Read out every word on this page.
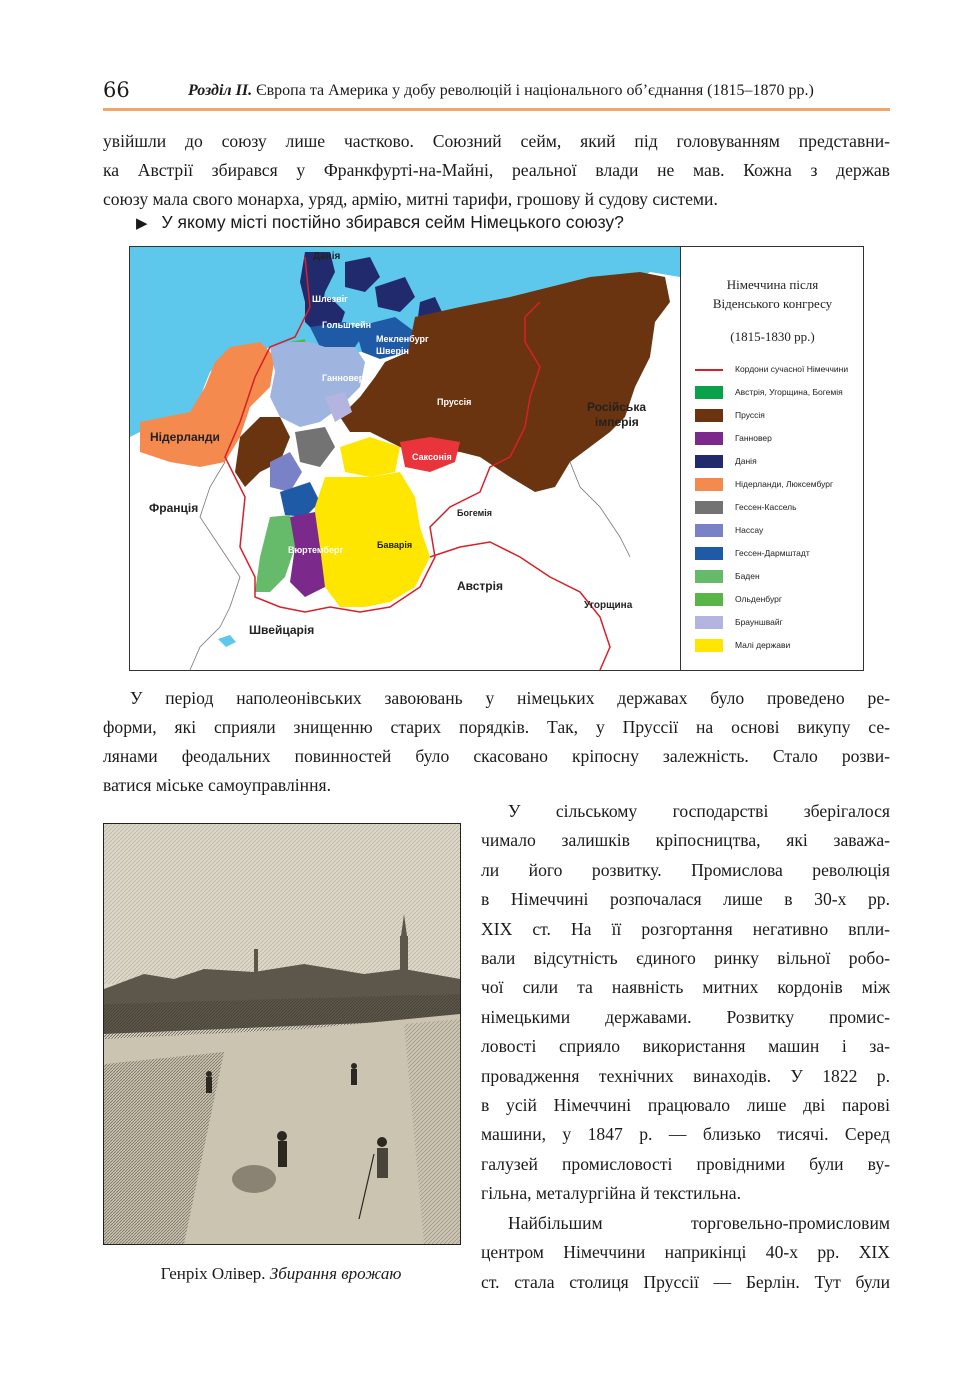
66	Розділ II. Європа та Америка у добу революцій і національного об’єднання (1815–1870 рр.)
увійшли до союзу лише частково. Союзний сейм, який під головуванням представни-
ка Австрії збирався у Франкфурті-на-Майні, реальної влади не мав. Кожна з держав
союзу мала свого монарха, уряд, армію, митні тарифи, грошову й судову системи.
▶ У якому місті постійно збирався сейм Німецького союзу?
Данія
Шлезвіг
Гольштейн
Мекленбург
Шверін
Ганновер
Пруссія	Російська
імперія
Нідерланди
Франція
Саксонія
Богемія
Вюртемберг	Баварія
Австрія
Угорщина
Швейцарія
Німеччина після
Віденського конгресу
(1815-1830 рр.)
Кордони сучасної Німеччини
Австрія, Угорщина, Богемія
Пруссія
Ганновер
Данія
Нідерланди, Люксембург
Гессен-Кассель
Нассау
Гессен-Дармштадт
Баден
Ольденбург
Брауншвайг
Малі держави
У період наполеонівських завоювань у німецьких державах було проведено ре-
форми, які сприяли знищенню старих порядків. Так, у Пруссії на основі викупу се-
лянами феодальних повинностей було скасовано кріпосну залежність. Стало розви-
ватися міське самоуправління.
Генріх Олівер. Збирання врожаю
У сільському господарстві зберігалося
чимало залишків кріпосництва, які заважа-
ли його розвитку. Промислова революція
в Німеччині розпочалася лише в 30-х рр.
XIX ст. На її розгортання негативно впли-
вали відсутність єдиного ринку вільної робо-
чої сили та наявність митних кордонів між
німецькими державами. Розвитку промис-
ловості сприяло використання машин і за-
провадження технічних винаходів. У 1822 р.
в усій Німеччині працювало лише дві парові
машини, у 1847 р. — близько тисячі. Серед
галузей промисловості провідними були ву-
гільна, металургійна й текстильна.
Найбільшим торговельно-промисловим
центром Німеччини наприкінці 40-х рр. XIX
ст. стала столиця Пруссії — Берлін. Тут були
